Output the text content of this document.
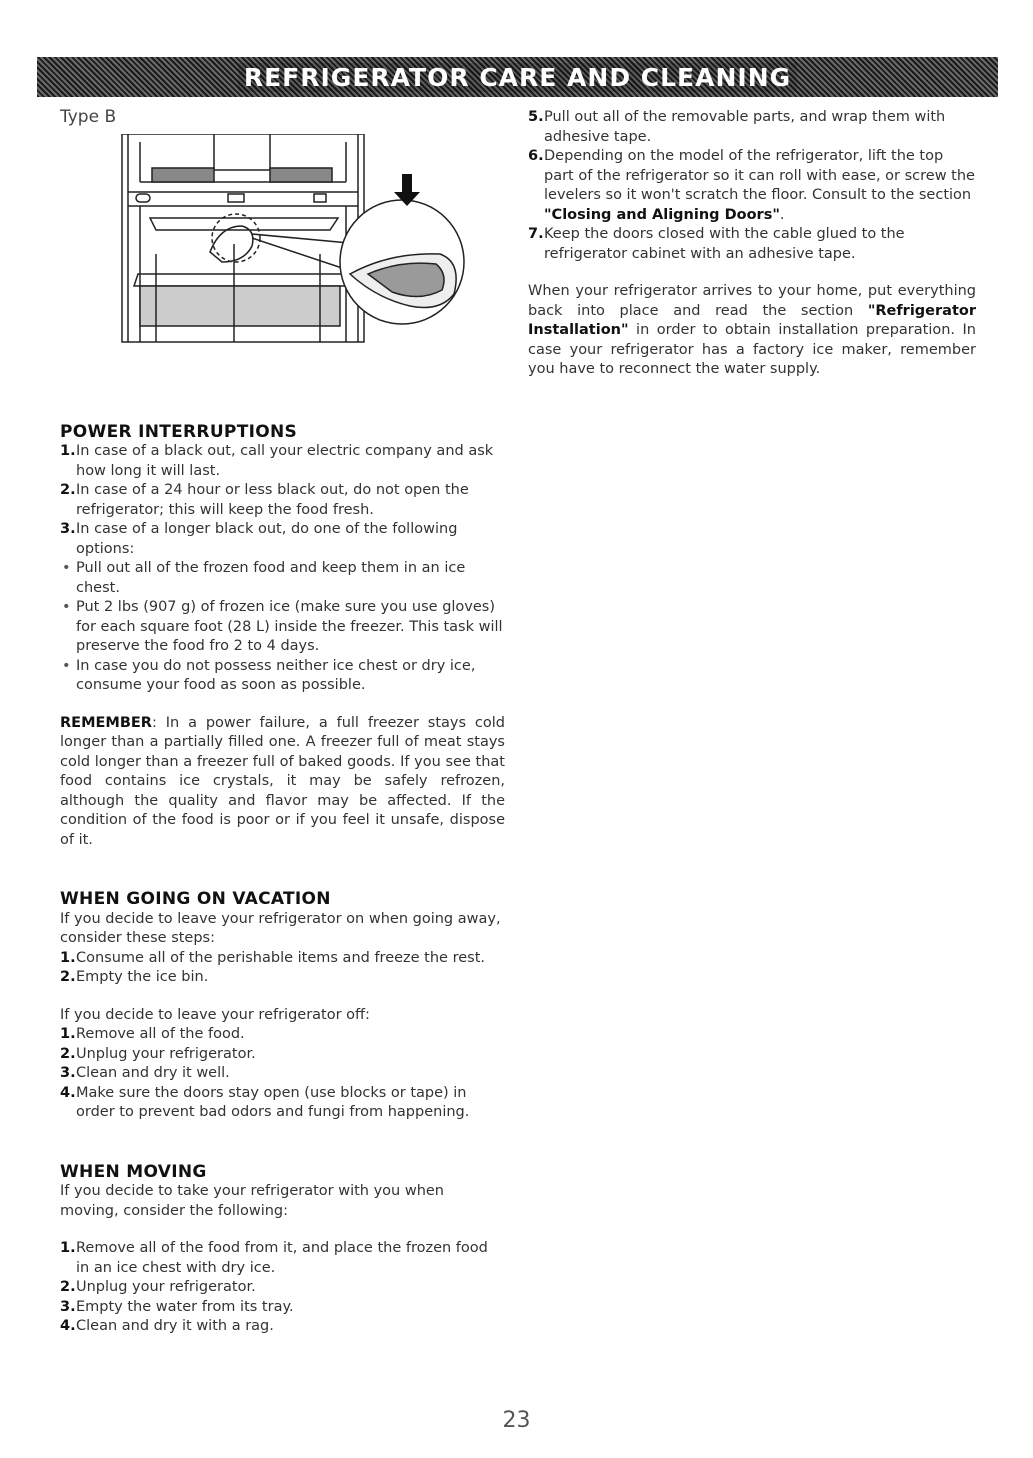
REFRIGERATOR CARE AND CLEANING

Type B

POWER INTERRUPTIONS
1. In case of a black out, call your electric company and ask how long it will last.
2. In case of a 24 hour or less black out, do not open the refrigerator; this will keep the food fresh.
3. In case of a longer black out, do one of the following options:
• Pull out all of the frozen food and keep them in an ice chest.
• Put 2 lbs (907 g) of frozen ice (make sure you use gloves) for each square foot (28 L) inside the freezer. This task will preserve the food fro 2 to 4 days.
• In case you do not possess neither ice chest or dry ice, consume your food as soon as possible.

REMEMBER: In a power failure, a full freezer stays cold longer than a partially filled one. A freezer full of meat stays cold longer than a freezer full of baked goods. If you see that food contains ice crystals, it may be safely refrozen, although the quality and flavor may be affected. If the condition of the food is poor or if you feel it unsafe, dispose of it.

WHEN GOING ON VACATION

If you decide to leave your refrigerator on when going away, consider these steps:

1. Consume all of the perishable items and freeze the rest.
2. Empty the ice bin.

If you decide to leave your refrigerator off:

1. Remove all of the food.
2. Unplug your refrigerator.
3. Clean and dry it well.
4. Make sure the doors stay open (use blocks or tape) in order to prevent bad odors and fungi from happening.
WHEN MOVING

If you decide to take your refrigerator with you when moving, consider the following:

1. Remove all of the food from it, and place the frozen food in an ice chest with dry ice.
2. Unplug your refrigerator.
3. Empty the water from its tray.
4. Clean and dry it with a rag.
5. Pull out all of the removable parts, and wrap them with adhesive tape.
6. Depending on the model of the refrigerator, lift the top part of the refrigerator so it can roll with ease, or screw the levelers so it won't scratch the floor. Consult to the section "Closing and Aligning Doors".
7. Keep the doors closed with the cable glued to the refrigerator cabinet with an adhesive tape.

When your refrigerator arrives to your home, put everything back into place and read the section "Refrigerator Installation" in order to obtain installation preparation. In case your refrigerator has a factory ice maker, remember you have to reconnect the water supply.

23
